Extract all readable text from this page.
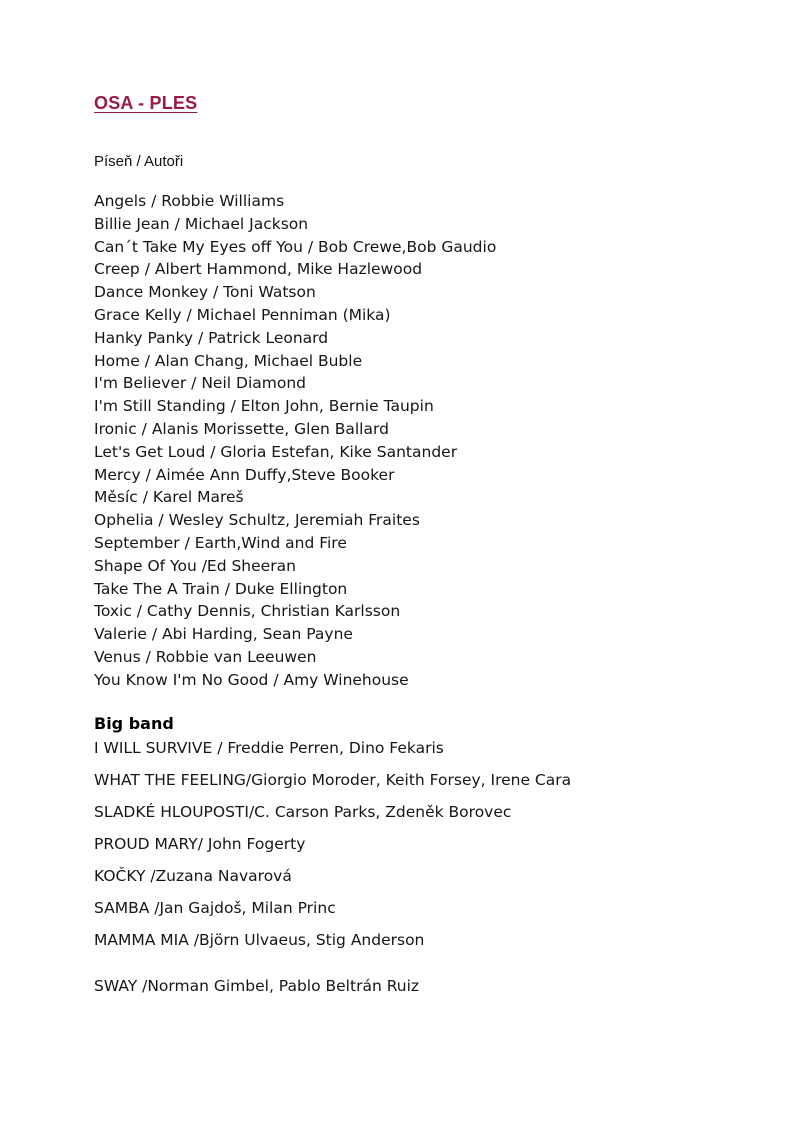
OSA - PLES
Píseň / Autoři
Angels / Robbie Williams
Billie Jean / Michael Jackson
Can´t Take My Eyes off You / Bob Crewe,Bob Gaudio
Creep / Albert Hammond, Mike Hazlewood
Dance Monkey / Toni Watson
Grace Kelly / Michael Penniman (Mika)
Hanky Panky / Patrick Leonard
Home / Alan Chang, Michael Buble
I'm Believer / Neil Diamond
I'm Still Standing / Elton John, Bernie Taupin
Ironic / Alanis Morissette, Glen Ballard
Let's Get Loud / Gloria Estefan, Kike Santander
Mercy / Aimée Ann Duffy,Steve Booker
Měsíc / Karel Mareš
Ophelia / Wesley Schultz, Jeremiah Fraites
September / Earth,Wind and Fire
Shape Of You /Ed Sheeran
Take The A Train / Duke Ellington
Toxic / Cathy Dennis, Christian Karlsson
Valerie / Abi Harding, Sean Payne
Venus / Robbie van Leeuwen
You Know I'm No Good / Amy Winehouse
Big band
I WILL SURVIVE / Freddie Perren, Dino Fekaris
WHAT THE FEELING/Giorgio Moroder, Keith Forsey, Irene Cara
SLADKÉ HLOUPOSTI/C. Carson Parks, Zdeněk Borovec
PROUD MARY/ John Fogerty
KOČKY /Zuzana Navarová
SAMBA /Jan Gajdoš, Milan Princ
MAMMA MIA /Björn Ulvaeus, Stig Anderson
SWAY /Norman Gimbel, Pablo Beltrán Ruiz
